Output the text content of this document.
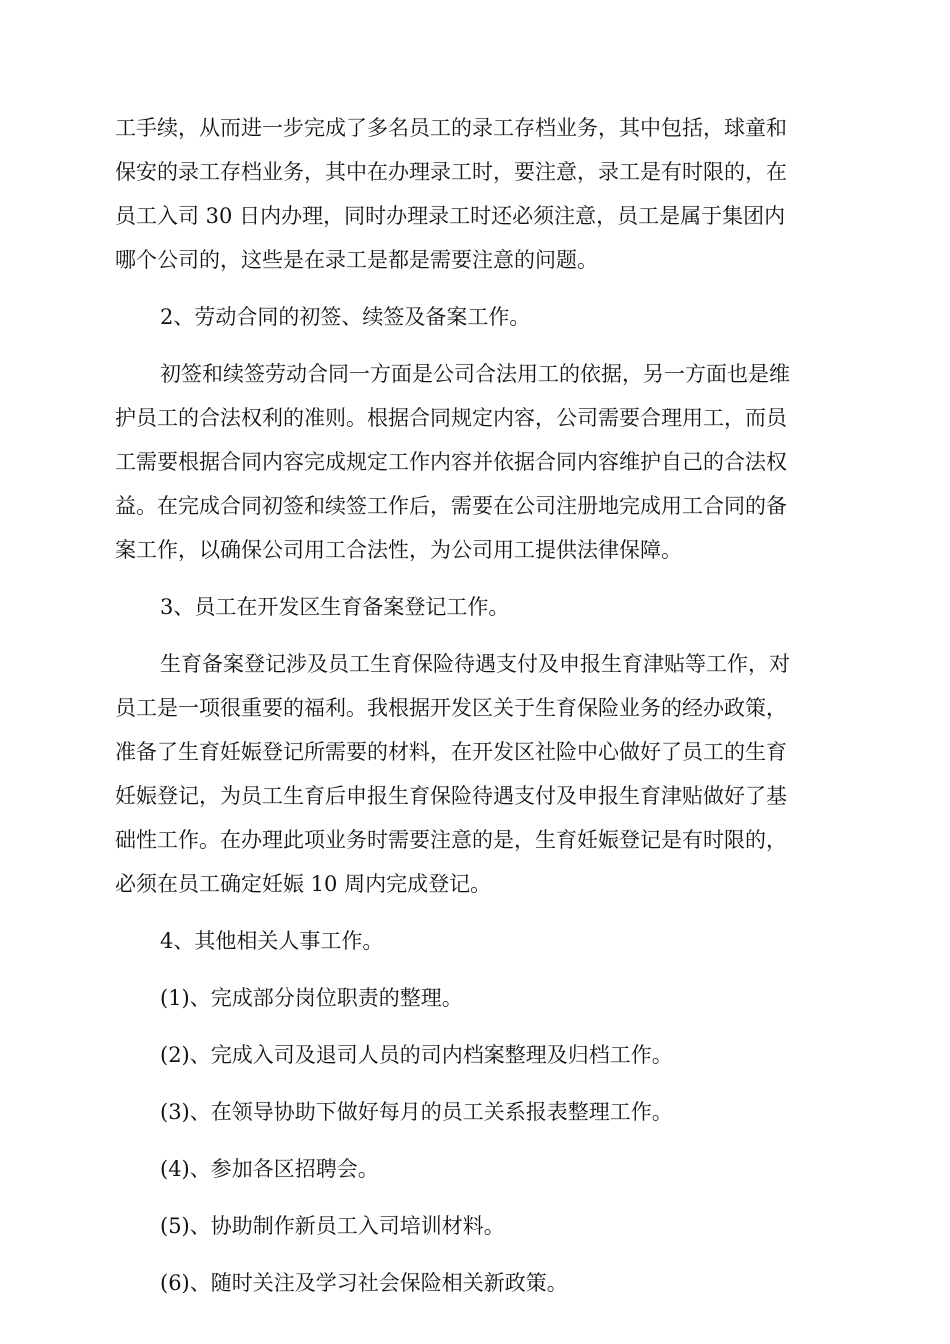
工手续，从而进一步完成了多名员工的录工存档业务，其中包括，球童和
保安的录工存档业务，其中在办理录工时，要注意，录工是有时限的，在
员工入司 30 日内办理，同时办理录工时还必须注意，员工是属于集团内
哪个公司的，这些是在录工是都是需要注意的问题。
2、劳动合同的初签、续签及备案工作。
初签和续签劳动合同一方面是公司合法用工的依据，另一方面也是维
护员工的合法权利的准则。根据合同规定内容，公司需要合理用工，而员
工需要根据合同内容完成规定工作内容并依据合同内容维护自己的合法权
益。在完成合同初签和续签工作后，需要在公司注册地完成用工合同的备
案工作，以确保公司用工合法性，为公司用工提供法律保障。
3、员工在开发区生育备案登记工作。
生育备案登记涉及员工生育保险待遇支付及申报生育津贴等工作，对
员工是一项很重要的福利。我根据开发区关于生育保险业务的经办政策，
准备了生育妊娠登记所需要的材料，在开发区社险中心做好了员工的生育
妊娠登记，为员工生育后申报生育保险待遇支付及申报生育津贴做好了基
础性工作。在办理此项业务时需要注意的是，生育妊娠登记是有时限的，
必须在员工确定妊娠 10 周内完成登记。
4、其他相关人事工作。
(1)、完成部分岗位职责的整理。
(2)、完成入司及退司人员的司内档案整理及归档工作。
(3)、在领导协助下做好每月的员工关系报表整理工作。
(4)、参加各区招聘会。
(5)、协助制作新员工入司培训材料。
(6)、随时关注及学习社会保险相关新政策。
